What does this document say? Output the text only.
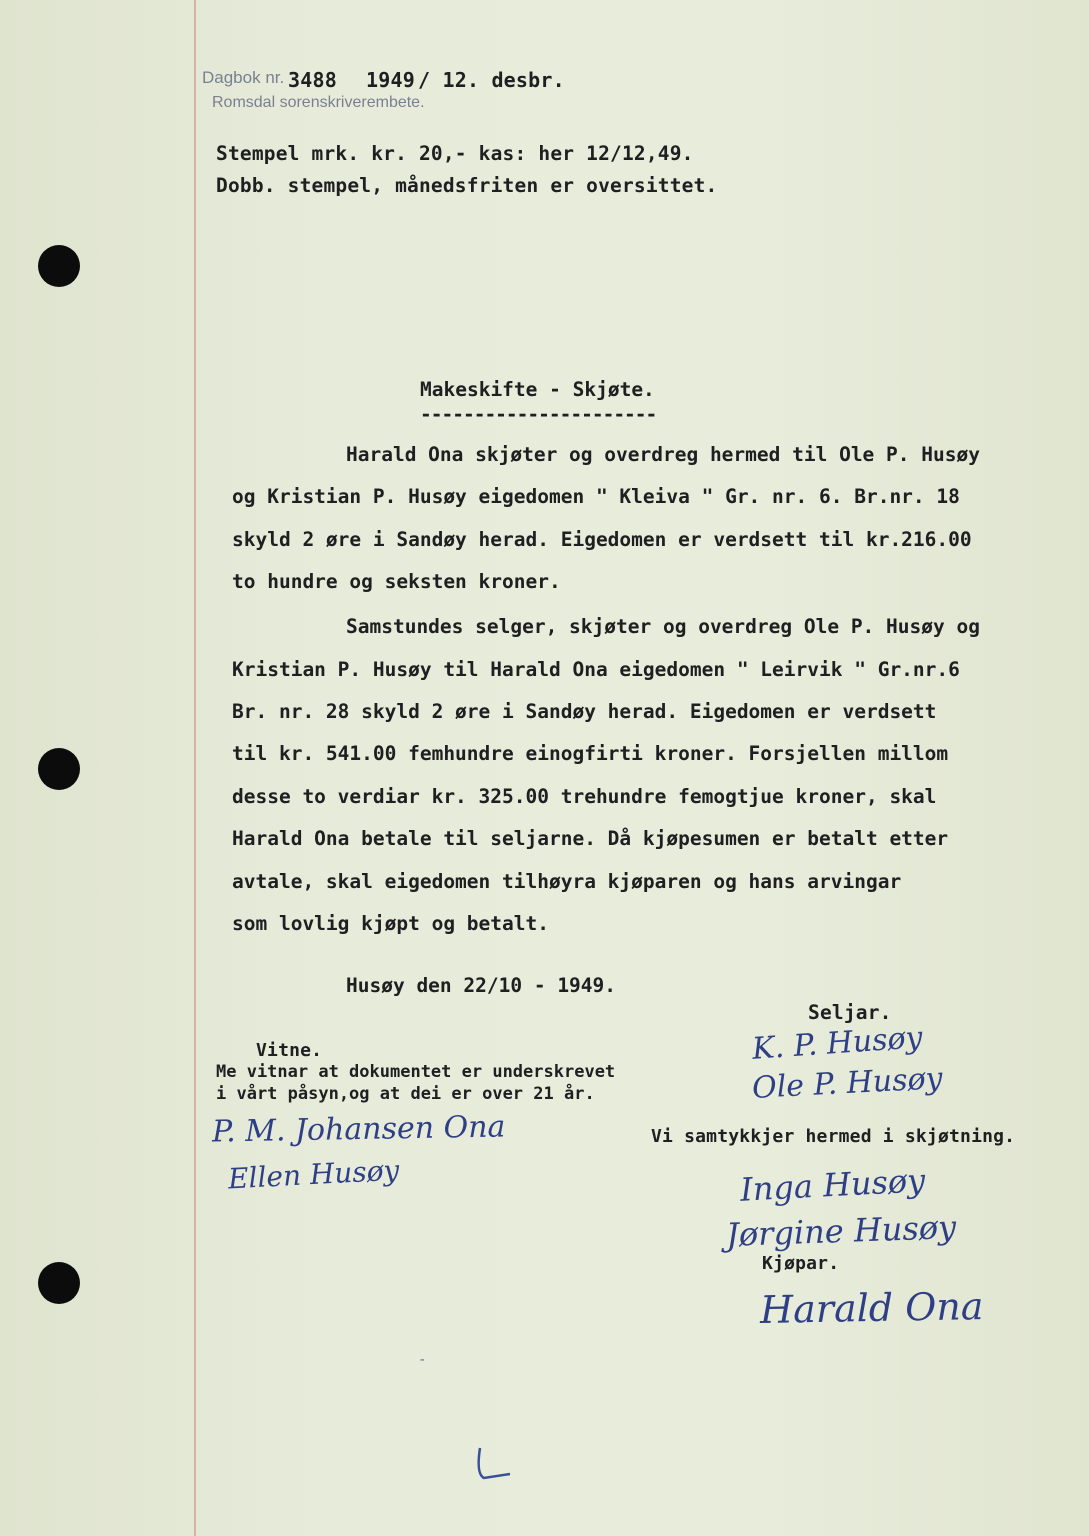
Dagbok nr. 3488 1949 / 12. desbr.
Romsdal sorenskriverembete.
Stempel mrk. kr. 20,- kas: her 12/12,49.
Dobb. stempel, månedsfriten er oversittet.
Makeskifte - Skjøte.
----------------------
Harald Ona skjøter og overdreg hermed til Ole P. Husøy
og Kristian P. Husøy eigedomen " Kleiva " Gr. nr. 6. Br.nr. 18
skyld 2 øre i Sandøy herad. Eigedomen er verdsett til kr.216.00
to hundre og seksten kroner.
Samstundes selger, skjøter og overdreg Ole P. Husøy og
Kristian P. Husøy til Harald Ona eigedomen " Leirvik " Gr.nr.6
Br. nr. 28 skyld 2 øre i Sandøy herad. Eigedomen er verdsett
til kr. 541.00 femhundre einogfirti kroner. Forsjellen millom
desse to verdiar kr. 325.00 trehundre femogtjue kroner, skal
Harald Ona betale til seljarne. Då kjøpesumen er betalt etter
avtale, skal eigedomen tilhøyra kjøparen og hans arvingar
som lovlig kjøpt og betalt.
Husøy den 22/10 - 1949.
Seljar.
K. P. Husøy
Ole P. Husøy
Vitne.
Me vitnar at dokumentet er underskrevet
i vårt påsyn,og at dei er over 21 år.
P. M. Johansen Ona
Ellen Husøy
Vi samtykkjer hermed i skjøtning.
Inga Husøy
Jørgine Husøy
Kjøpar.
Harald Ona
-
